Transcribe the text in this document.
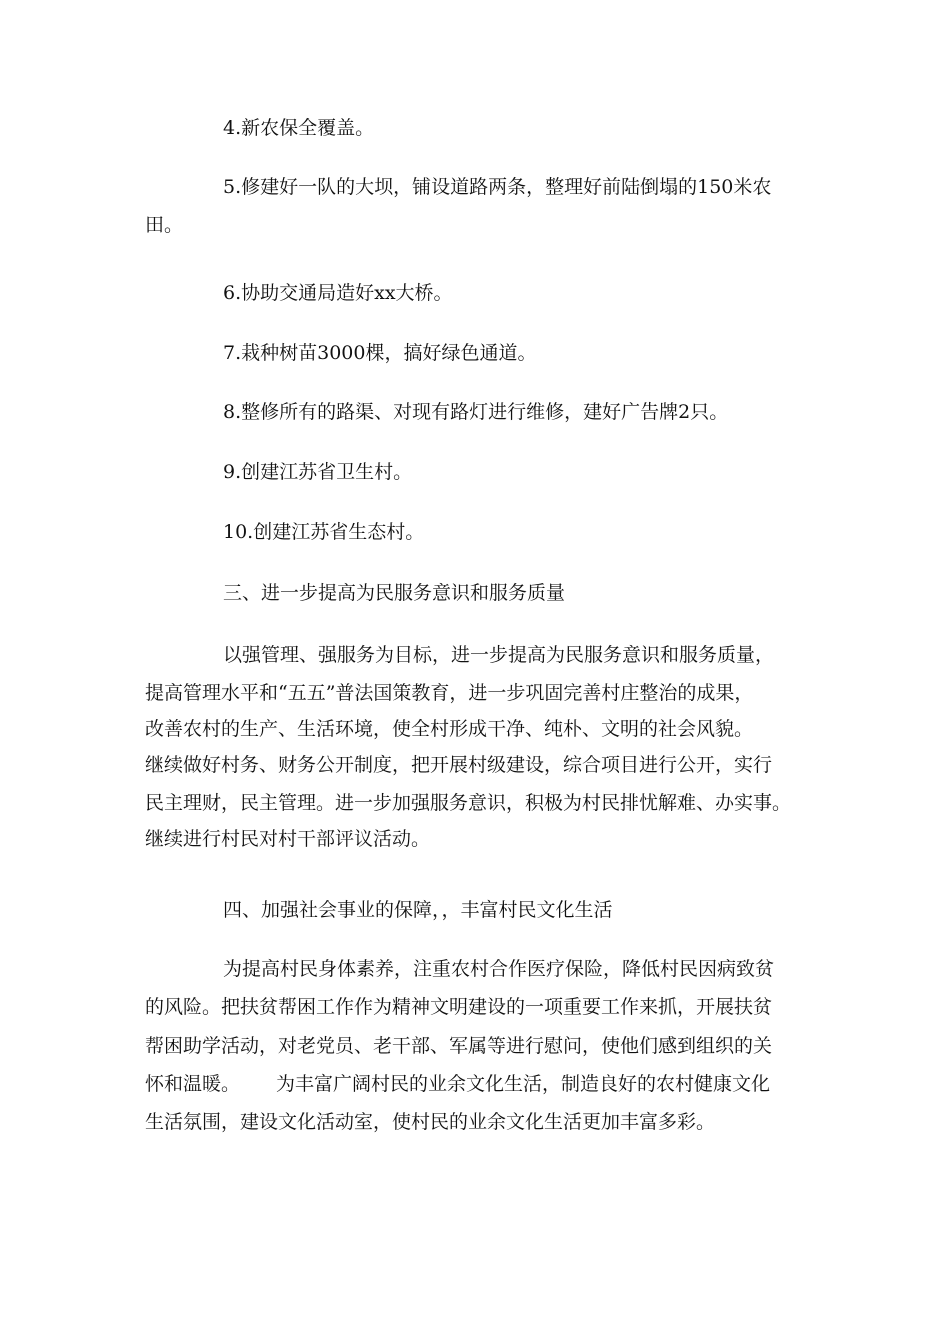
4.新农保全覆盖。

5.修建好一队的大坝，铺设道路两条，整理好前陆倒塌的150米农

田。

6.协助交通局造好xx大桥。

7.栽种树苗3000棵，搞好绿色通道。

8.整修所有的路渠、对现有路灯进行维修，建好广告牌2只。

9.创建江苏省卫生村。

10.创建江苏省生态村。

三、进一步提高为民服务意识和服务质量

以强管理、强服务为目标，进一步提高为民服务意识和服务质量，
提高管理水平和“五五”普法国策教育，进一步巩固完善村庄整治的成果，
改善农村的生产、生活环境，使全村形成干净、纯朴、文明的社会风貌。
继续做好村务、财务公开制度，把开展村级建设，综合项目进行公开，实行
民主理财，民主管理。进一步加强服务意识，积极为村民排忧解难、办实事。
继续进行村民对村干部评议活动。

四、加强社会事业的保障，，丰富村民文化生活

为提高村民身体素养，注重农村合作医疗保险，降低村民因病致贫
的风险。把扶贫帮困工作作为精神文明建设的一项重要工作来抓，开展扶贫
帮困助学活动，对老党员、老干部、军属等进行慰问，使他们感到组织的关
怀和温暖。 为丰富广阔村民的业余文化生活，制造良好的农村健康文化
生活氛围，建设文化活动室，使村民的业余文化生活更加丰富多彩。
